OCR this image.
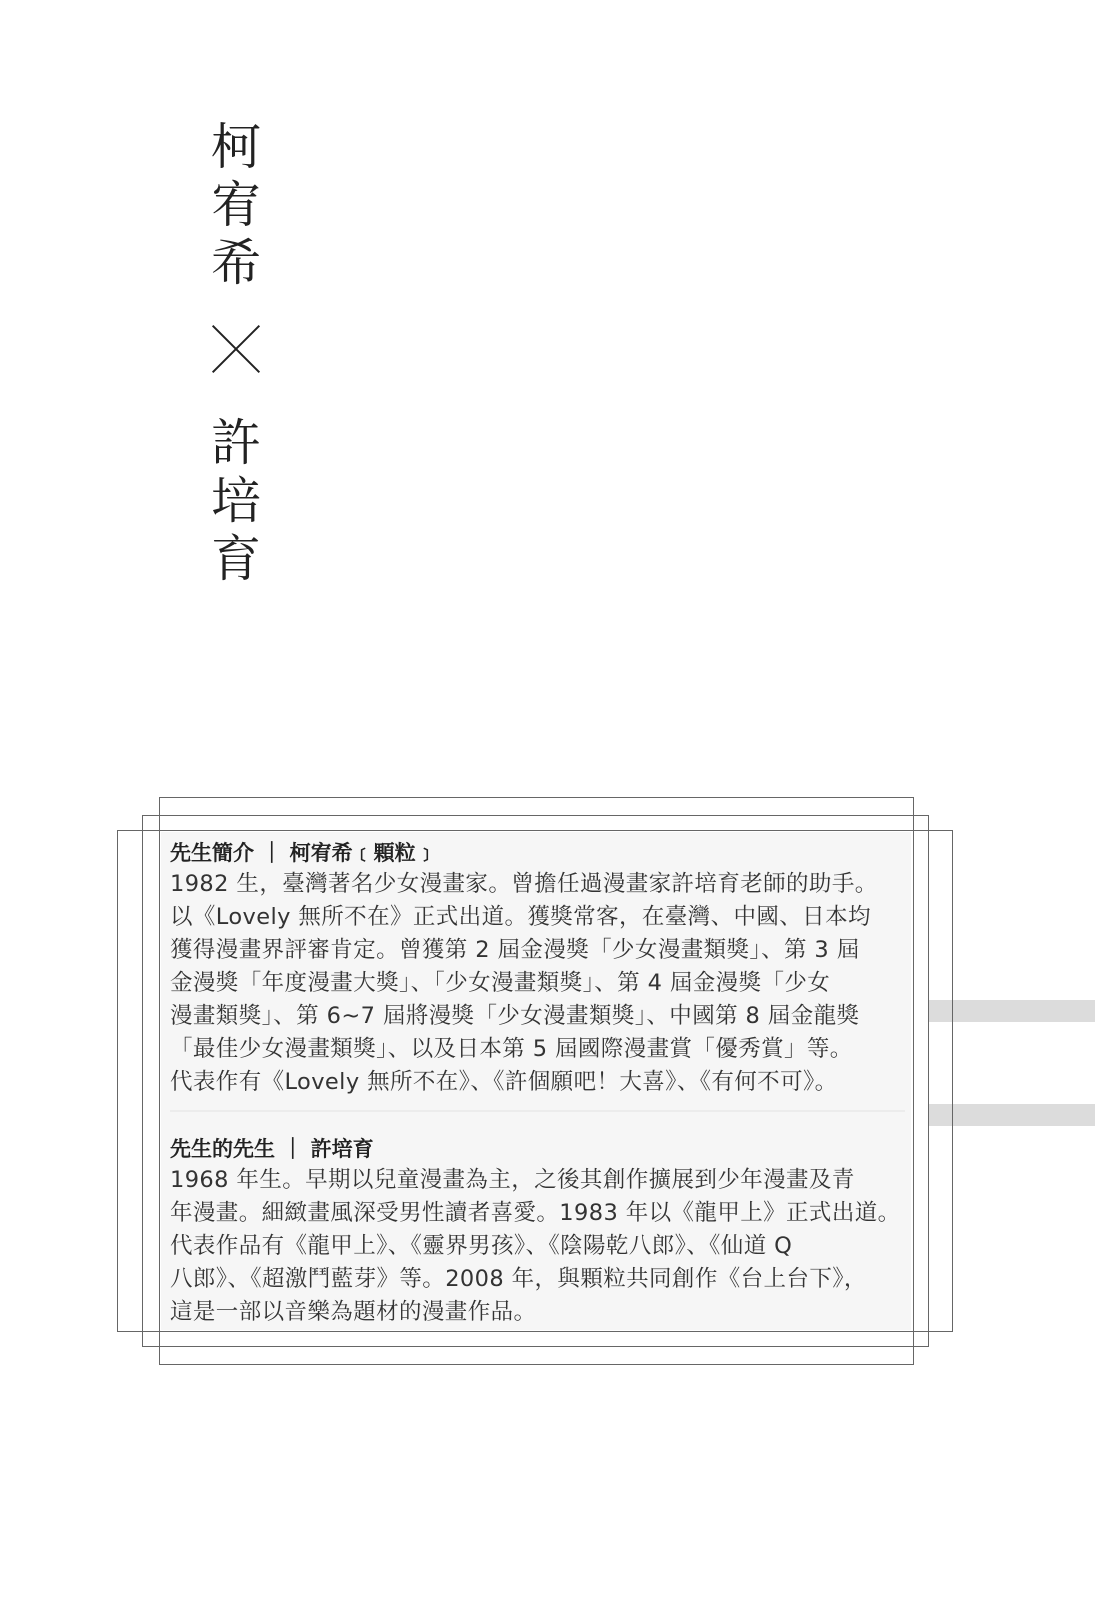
柯
宥
希
許
培
育
先生簡介 ｜ 柯宥希﹝顆粒﹞
1982 生，臺灣著名少女漫畫家。曾擔任過漫畫家許培育老師的助手。
以《Lovely 無所不在》正式出道。獲獎常客，在臺灣、中國、日本均
獲得漫畫界評審肯定。曾獲第 2 屆金漫獎「少女漫畫類獎」、第 3 屆
金漫獎「年度漫畫大獎」、「少女漫畫類獎」、第 4 屆金漫獎「少女
漫畫類獎」、第 6~7 屆將漫獎「少女漫畫類獎」、中國第 8 屆金龍獎
「最佳少女漫畫類獎」、以及日本第 5 屆國際漫畫賞「優秀賞」等。
代表作有《Lovely 無所不在》、《許個願吧！大喜》、《有何不可》。
先生的先生 ｜ 許培育
1968 年生。早期以兒童漫畫為主，之後其創作擴展到少年漫畫及青
年漫畫。細緻畫風深受男性讀者喜愛。1983 年以《龍甲上》正式出道。
代表作品有《龍甲上》、《靈界男孩》、《陰陽乾八郎》、《仙道 Q
八郎》、《超激鬥藍芽》等。2008 年，與顆粒共同創作《台上台下》，
這是一部以音樂為題材的漫畫作品。
